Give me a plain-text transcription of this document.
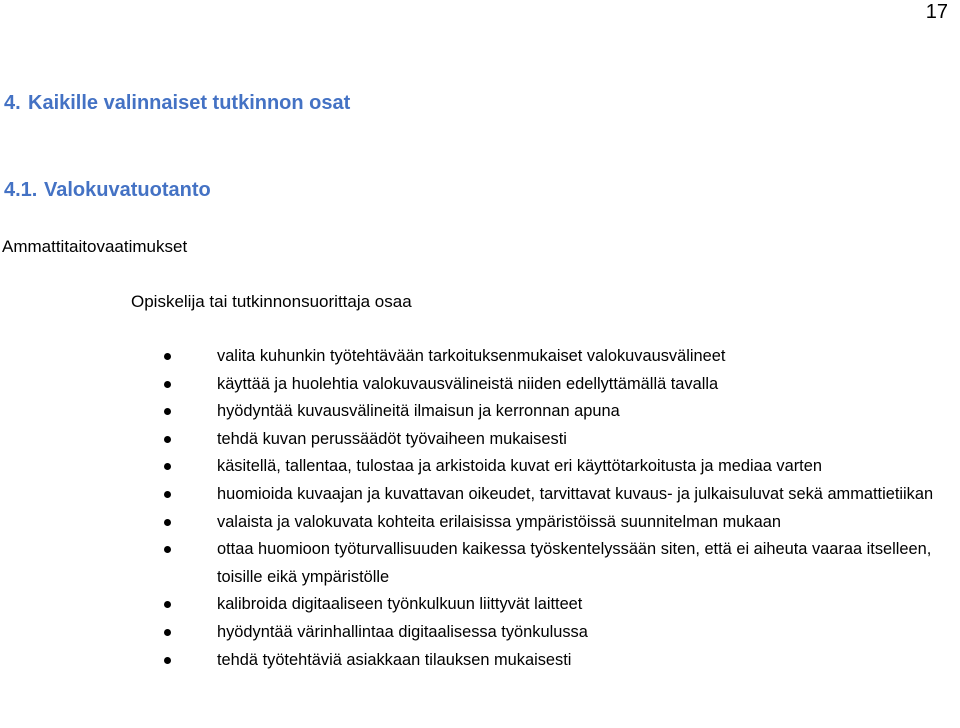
17
4. Kaikille valinnaiset tutkinnon osat
4.1. Valokuvatuotanto
Ammattitaitovaatimukset
Opiskelija tai tutkinnonsuorittaja osaa
valita kuhunkin työtehtävään tarkoituksenmukaiset valokuvausvälineet
käyttää ja huolehtia valokuvausvälineistä niiden edellyttämällä tavalla
hyödyntää kuvausvälineitä ilmaisun ja kerronnan apuna
tehdä kuvan perussäädöt työvaiheen mukaisesti
käsitellä, tallentaa, tulostaa ja arkistoida kuvat eri käyttötarkoitusta ja mediaa varten
huomioida kuvaajan ja kuvattavan oikeudet, tarvittavat kuvaus- ja julkaisuluvat sekä ammattietiikan
valaista ja valokuvata kohteita erilaisissa ympäristöissä suunnitelman mukaan
ottaa huomioon työturvallisuuden kaikessa työskentelyssään siten, että ei aiheuta vaaraa itselleen, toisille eikä ympäristölle
kalibroida digitaaliseen työnkulkuun liittyvät laitteet
hyödyntää värinhallintaa digitaalisessa työnkulussa
tehdä työtehtäviä asiakkaan tilauksen mukaisesti
